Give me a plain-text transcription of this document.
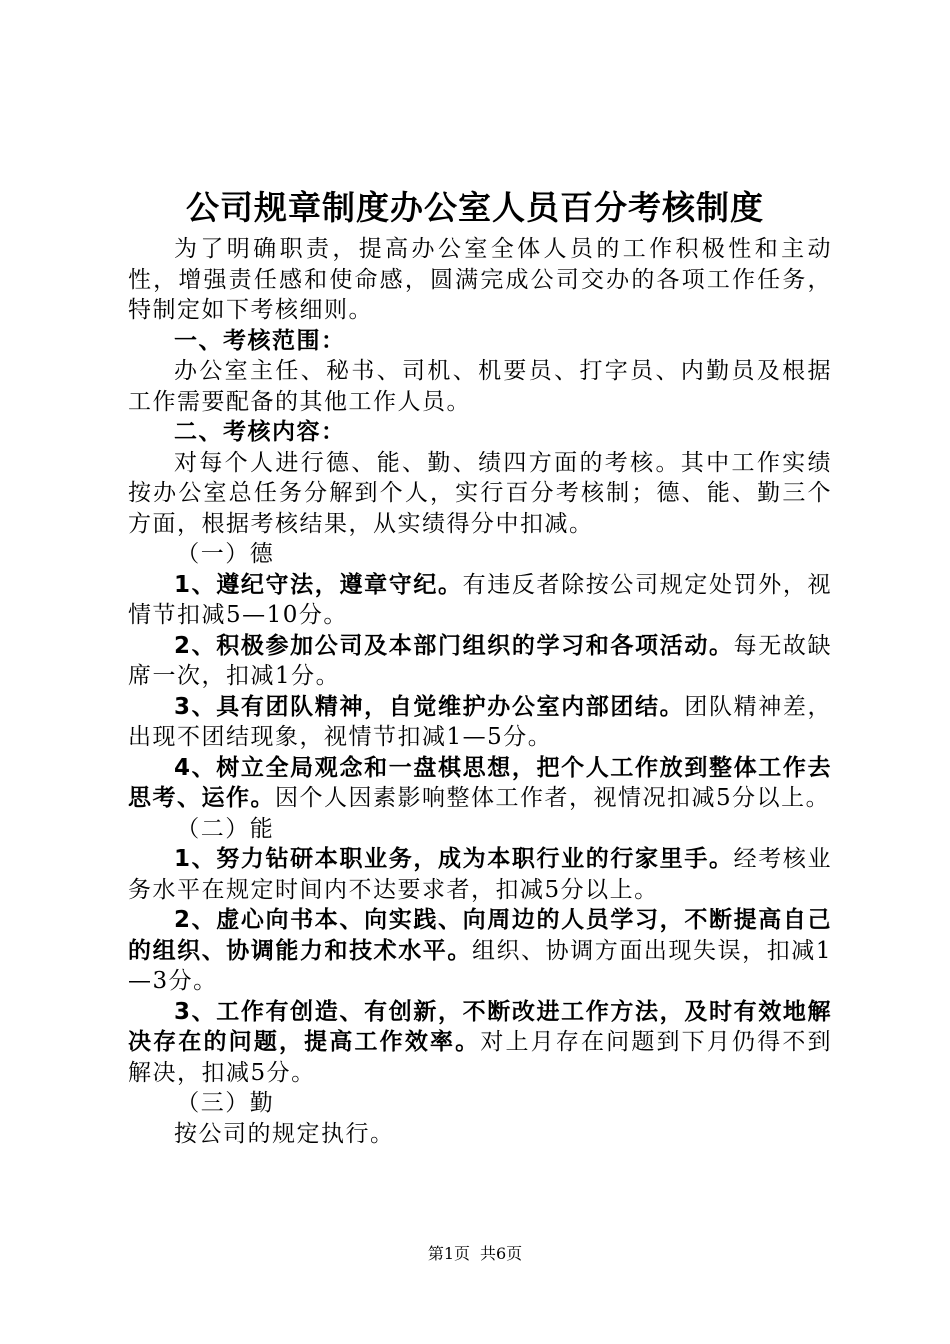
公司规章制度办公室人员百分考核制度

为了明确职责，提高办公室全体人员的工作积极性和主动性，增强责任感和使命感，圆满完成公司交办的各项工作任务，特制定如下考核细则。

一、考核范围：

办公室主任、秘书、司机、机要员、打字员、内勤员及根据工作需要配备的其他工作人员。

二、考核内容：

对每个人进行德、能、勤、绩四方面的考核。其中工作实绩按办公室总任务分解到个人，实行百分考核制；德、能、勤三个方面，根据考核结果，从实绩得分中扣减。

（一）德

1、遵纪守法，遵章守纪。有违反者除按公司规定处罚外，视情节扣减5—10分。

2、积极参加公司及本部门组织的学习和各项活动。每无故缺席一次，扣减1分。

3、具有团队精神，自觉维护办公室内部团结。团队精神差，出现不团结现象，视情节扣减1—5分。

4、树立全局观念和一盘棋思想，把个人工作放到整体工作去思考、运作。因个人因素影响整体工作者，视情况扣减5分以上。

（二）能

1、努力钻研本职业务，成为本职行业的行家里手。经考核业务水平在规定时间内不达要求者，扣减5分以上。

2、虚心向书本、向实践、向周边的人员学习，不断提高自己的组织、协调能力和技术水平。组织、协调方面出现失误，扣减1—3分。

3、工作有创造、有创新，不断改进工作方法，及时有效地解决存在的问题，提高工作效率。对上月存在问题到下月仍得不到解决，扣减5分。

（三）勤

按公司的规定执行。

第1页 共6页
